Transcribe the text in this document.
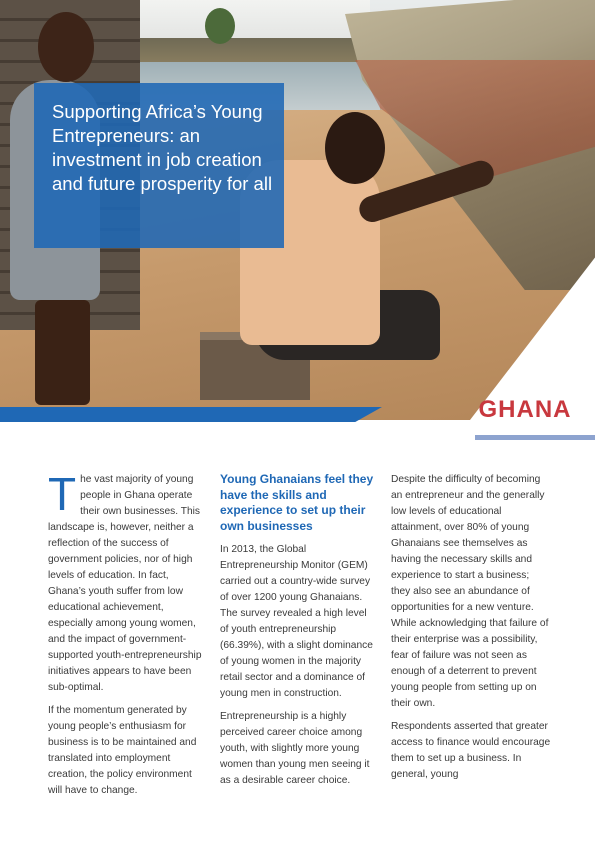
Supporting Africa’s Young Entrepreneurs: an investment in job creation and future prosperity for all
GHANA

The vast majority of young people in Ghana operate their own businesses. This landscape is, however, neither a reflection of the success of government policies, nor of high levels of education. In fact, Ghana’s youth suffer from low educational achievement, especially among young women, and the impact of government-supported youth-entrepreneurship initiatives appears to have been sub-optimal.

If the momentum generated by young people’s enthusiasm for business is to be maintained and translated into employment creation, the policy environment will have to change.

Young Ghanaians feel they have the skills and experience to set up their own businesses

In 2013, the Global Entrepreneurship Monitor (GEM) carried out a country-wide survey of over 1200 young Ghanaians. The survey revealed a high level of youth entrepreneurship (66.39%), with a slight dominance of young women in the majority retail sector and a dominance of young men in construction.

Entrepreneurship is a highly perceived career choice among youth, with slightly more young women than young men seeing it as a desirable career choice.

Despite the difficulty of becoming an entrepreneur and the generally low levels of educational attainment, over 80% of young Ghanaians see themselves as having the necessary skills and experience to start a business; they also see an abundance of opportunities for a new venture. While acknowledging that failure of their enterprise was a possibility, fear of failure was not seen as enough of a deterrent to prevent young people from setting up on their own.

Respondents asserted that greater access to finance would encourage them to set up a business. In general, young
